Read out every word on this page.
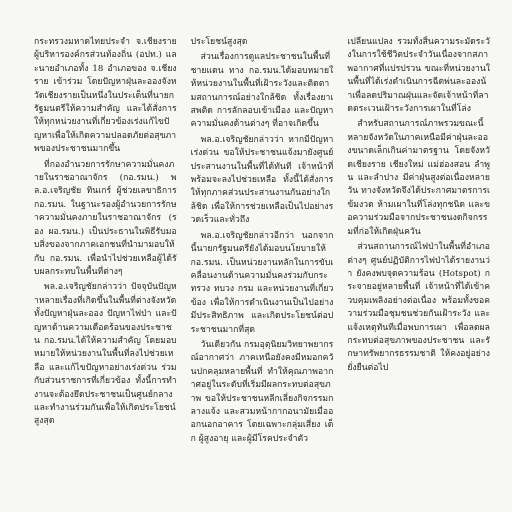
กระทรวงมหาดไทยประจำ จ.เชียงราย ผู้บริหารองค์กรส่วนท้องถิ่น (อปท.) และนายอำเภอทั้ง 18 อำเภอของ จ.เชียงราย เข้าร่วม โดยปัญหาฝุ่นละอองจังหวัดเชียงรายเป็นหนึ่งในประเด็นที่นายกรัฐมนตรีให้ความสำคัญ และได้สั่งการให้ทุกหน่วยงานที่เกี่ยวข้องเร่งแก้ไขปัญหาเพื่อให้เกิดความปลอดภัยต่อสุขภาพของประชาชนมากขึ้น

ที่กองอำนวยการรักษาความมั่นคงภายในราชอาณาจักร (กอ.รมน.) พล.อ.เจริญชัย ทินเกร์ ผู้ช่วยเลขาธิการ กอ.รมน. ในฐานะรองผู้อำนวยการรักษาความมั่นคงภายในราชอาณาจักร (รอง ผอ.รมน.) เป็นประธานในพิธีรับมอบสิ่งของจากภาคเอกชนที่นำมามอบให้กับ กอ.รมน. เพื่อนำไปช่วยเหลือผู้ได้รับผลกระทบในพื้นที่ต่างๆ

พล.อ.เจริญชัยกล่าวว่า ปัจจุบันปัญหาหลายเรื่องที่เกิดขึ้นในพื้นที่ต่างจังหวัด ทั้งปัญหาฝุ่นละออง ปัญหาไฟป่า และปัญหาด้านความเดือดร้อนของประชาชน กอ.รมน.ได้ให้ความสำคัญ โดยมอบหมายให้หน่วยงานในพื้นที่ลงไปช่วยเหลือ และแก้ไขปัญหาอย่างเร่งด่วน ร่วมกับส่วนราชการที่เกี่ยวข้อง ทั้งนี้การทำงานจะต้องยึดประชาชนเป็นศูนย์กลาง และทำงานร่วมกันเพื่อให้เกิดประโยชน์สูงสุด

ประโยชน์สูงสุด

ส่วนเรื่องการดูแลประชาชนในพื้นที่ชายแดน ทาง กอ.รมน.ได้มอบหมายให้หน่วยงานในพื้นที่เฝ้าระวังและติดตามสถานการณ์อย่างใกล้ชิด ทั้งเรื่องยาเสพติด การลักลอบเข้าเมือง และปัญหาความมั่นคงด้านต่างๆ ที่อาจเกิดขึ้น

พล.อ.เจริญชัยกล่าวว่า หากมีปัญหาเร่งด่วน ขอให้ประชาชนแจ้งมายังศูนย์ประสานงานในพื้นที่ได้ทันที เจ้าหน้าที่พร้อมจะลงไปช่วยเหลือ ทั้งนี้ได้สั่งการให้ทุกภาคส่วนประสานงานกันอย่างใกล้ชิด เพื่อให้การช่วยเหลือเป็นไปอย่างรวดเร็วและทั่วถึง

พล.อ.เจริญชัยกล่าวอีกว่า นอกจากนี้นายกรัฐมนตรียังได้มอบนโยบายให้ กอ.รมน. เป็นหน่วยงานหลักในการขับเคลื่อนงานด้านความมั่นคงร่วมกับกระทรวง ทบวง กรม และหน่วยงานที่เกี่ยวข้อง เพื่อให้การดำเนินงานเป็นไปอย่างมีประสิทธิภาพ และเกิดประโยชน์ต่อประชาชนมากที่สุด

วันเดียวกัน กรมอุตุนิยมวิทยาพยากรณ์อากาศว่า ภาคเหนือยังคงมีหมอกควันปกคลุมหลายพื้นที่ ทำให้คุณภาพอากาศอยู่ในระดับที่เริ่มมีผลกระทบต่อสุขภาพ ขอให้ประชาชนหลีกเลี่ยงกิจกรรมกลางแจ้ง และสวมหน้ากากอนามัยเมื่อออกนอกอาคาร โดยเฉพาะกลุ่มเสี่ยง เด็ก ผู้สูงอายุ และผู้มีโรคประจำตัว

เปลี่ยนแปลง รวมทั้งสิ้นความระมัดระวังในการใช้ชีวิตประจำวันเนื่องจากสภาพอากาศที่แปรปรวน ขณะที่หน่วยงานในพื้นที่ได้เร่งดำเนินการฉีดพ่นละอองน้ำเพื่อลดปริมาณฝุ่นและจัดเจ้าหน้าที่ลาดตระเวนเฝ้าระวังการเผาในที่โล่ง

สำหรับสถานการณ์ภาพรวมขณะนี้ หลายจังหวัดในภาคเหนือมีค่าฝุ่นละอองขนาดเล็กเกินค่ามาตรฐาน โดยจังหวัดเชียงราย เชียงใหม่ แม่ฮ่องสอน ลำพูน และลำปาง มีค่าฝุ่นสูงต่อเนื่องหลายวัน ทางจังหวัดจึงได้ประกาศมาตรการเข้มงวด ห้ามเผาในที่โล่งทุกชนิด และขอความร่วมมือจากประชาชนงดกิจกรรมที่ก่อให้เกิดฝุ่นควัน

ส่วนสถานการณ์ไฟป่าในพื้นที่อำเภอต่างๆ ศูนย์ปฏิบัติการไฟป่าได้รายงานว่า ยังคงพบจุดความร้อน (Hotspot) กระจายอยู่หลายพื้นที่ เจ้าหน้าที่ได้เข้าควบคุมเพลิงอย่างต่อเนื่อง พร้อมทั้งขอความร่วมมือชุมชนช่วยกันเฝ้าระวัง และแจ้งเหตุทันทีเมื่อพบการเผา เพื่อลดผลกระทบต่อสุขภาพของประชาชน และรักษาทรัพยากรธรรมชาติ ให้คงอยู่อย่างยั่งยืนต่อไป
